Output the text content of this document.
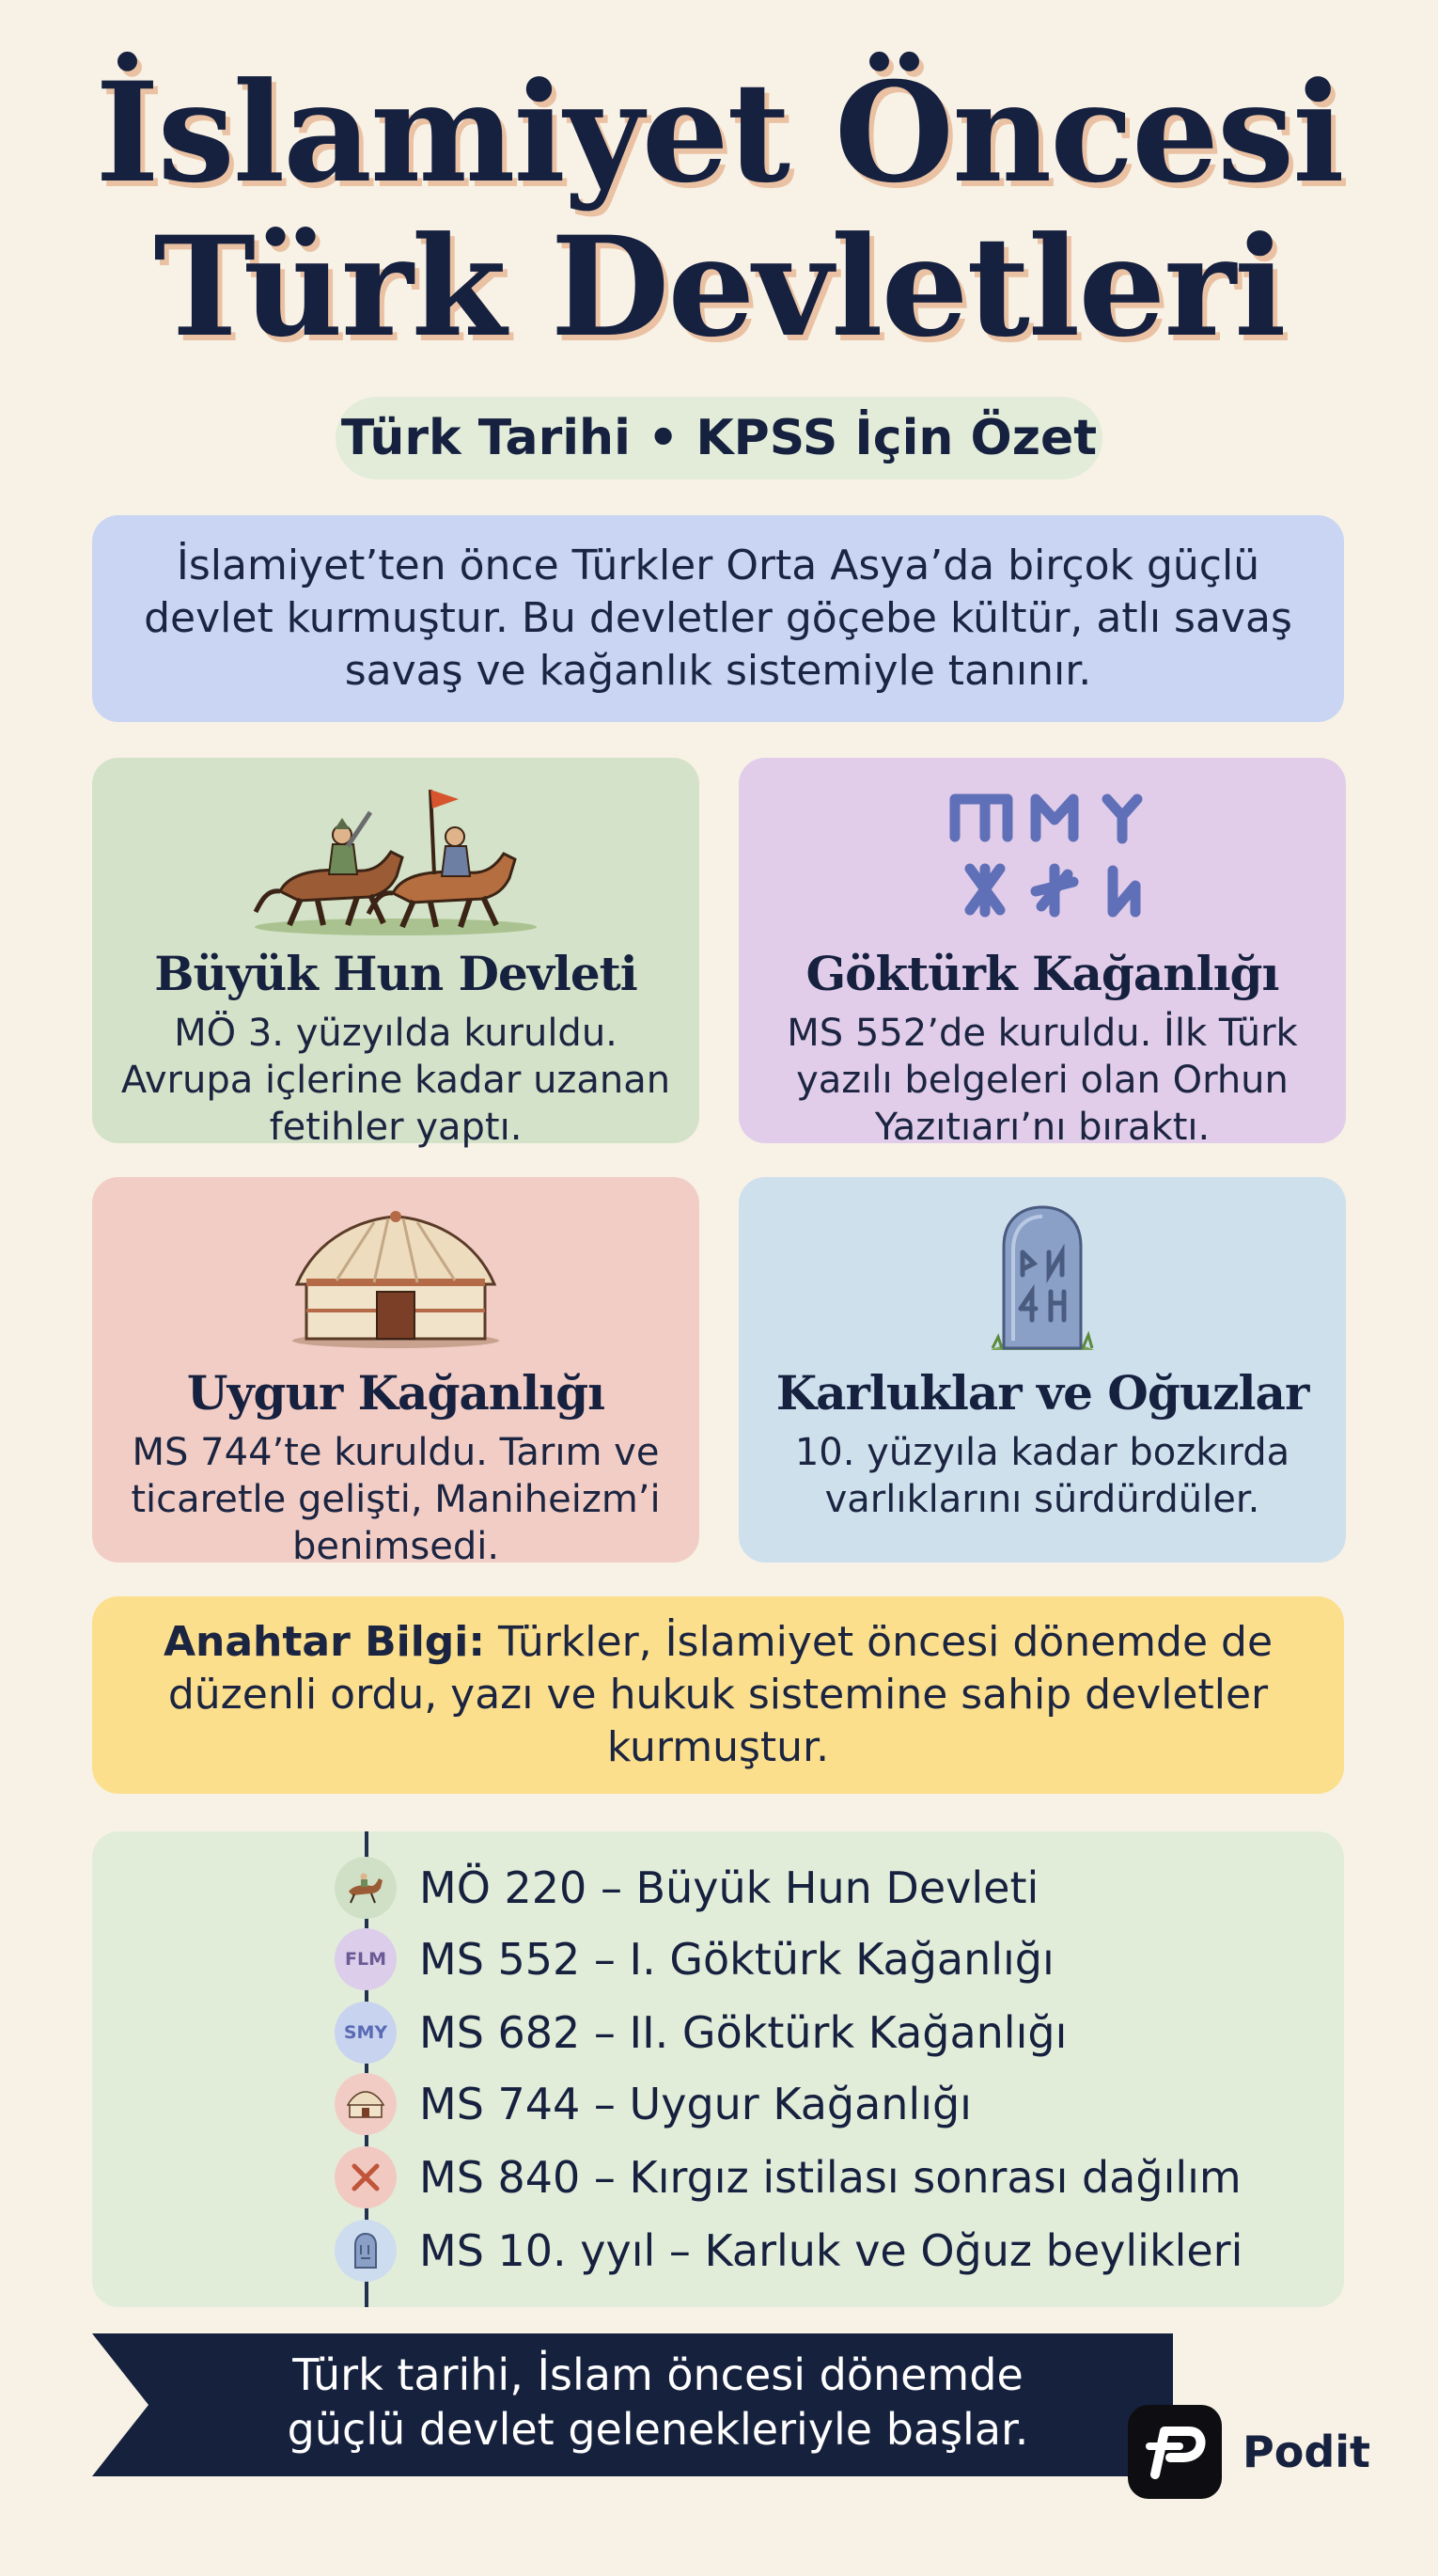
İslamiyet Öncesi
Türk Devletleri
Türk Tarihi • KPSS İçin Özet
İslamiyet’ten önce Türkler Orta Asya’da birçok güçlü
devlet kurmuştur. Bu devletler göçebe kültür, atlı savaş
savaş ve kağanlık sistemiyle tanınır.
Büyük Hun Devleti

MÖ 3. yüzyılda kuruldu.
Avrupa içlerine kadar uzanan
fetihler yaptı.

Göktürk Kağanlığı

MS 552’de kuruldu. İlk Türk
yazılı belgeleri olan Orhun
Yazıtıarı’nı bıraktı.

Uygur Kağanlığı

MS 744’te kuruldu. Tarım ve
ticaretle gelişti, Maniheizm’i
benimsedi.

Karluklar ve Oğuzlar

10. yüzyıla kadar bozkırda
varlıklarını sürdürdüler.

Anahtar Bilgi: Türkler, İslamiyet öncesi dönemde de
düzenli ordu, yazı ve hukuk sistemine sahip devletler
kurmuştur.
MÖ 220 – Büyük Hun Devleti
FLM MS 552 – I. Göktürk Kağanlığı
SMY MS 682 – II. Göktürk Kağanlığı
MS 744 – Uygur Kağanlığı
MS 840 – Kırgız istilası sonrası dağılım
MS 10. yyıl – Karluk ve Oğuz beylikleri
Türk tarihi, İslam öncesi dönemde
güçlü devlet gelenekleriyle başlar.	Podit
